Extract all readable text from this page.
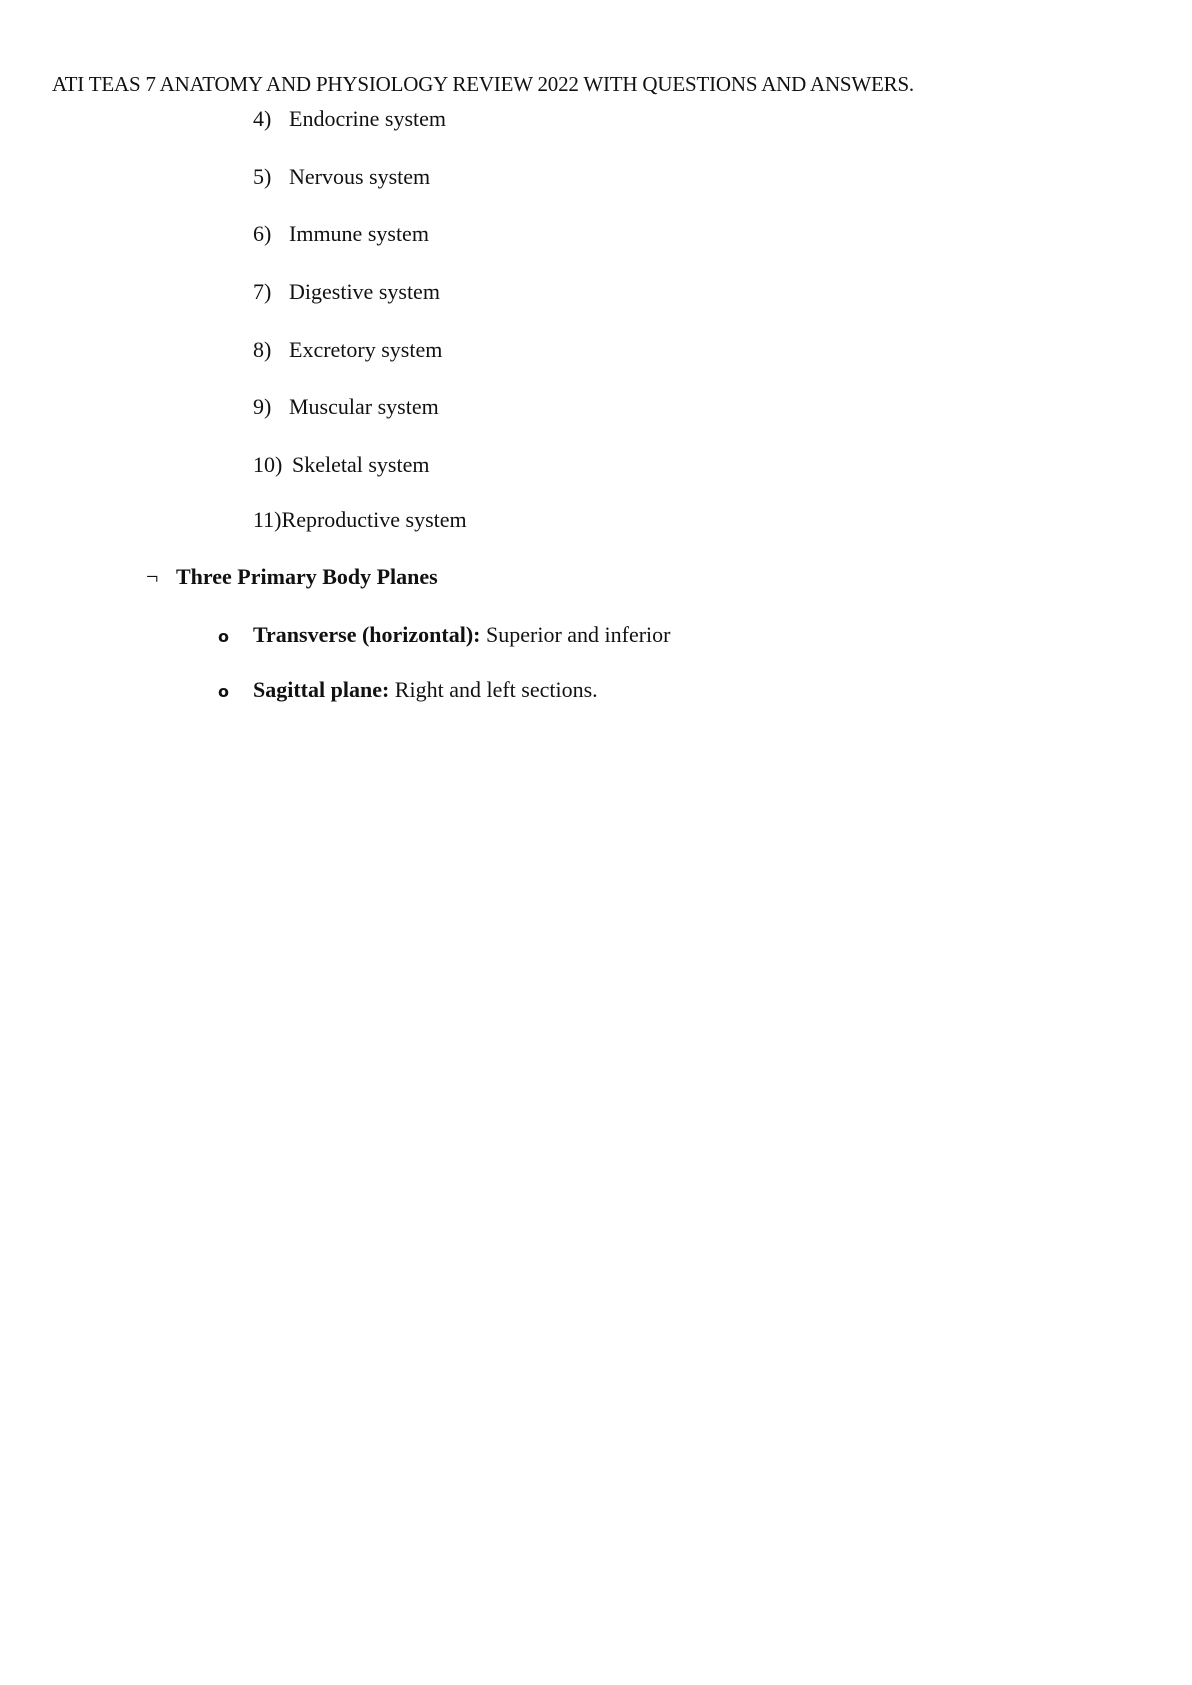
ATI TEAS 7 ANATOMY AND PHYSIOLOGY REVIEW 2022 WITH QUESTIONS AND ANSWERS.
4) Endocrine system
5) Nervous system
6) Immune system
7) Digestive system
8) Excretory system
9) Muscular system
10) Skeletal system
11)Reproductive system
¬ Three Primary Body Planes
o Transverse (horizontal): Superior and inferior
o Sagittal plane: Right and left sections.
